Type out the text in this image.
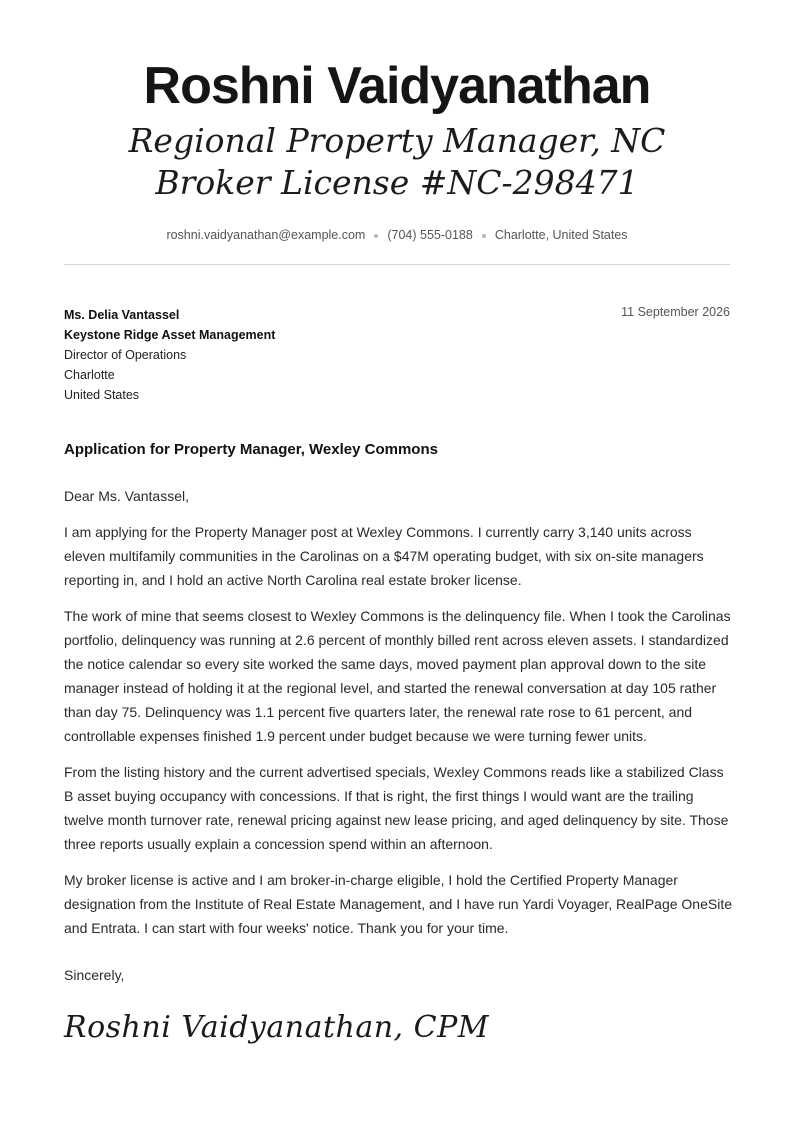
Roshni Vaidyanathan
Regional Property Manager, NC Broker License #NC-298471
roshni.vaidyanathan@example.com (704) 555-0188 Charlotte, United States
Ms. Delia Vantassel
Keystone Ridge Asset Management
Director of Operations
Charlotte
United States
11 September 2026
Application for Property Manager, Wexley Commons

Dear Ms. Vantassel,

I am applying for the Property Manager post at Wexley Commons. I currently carry 3,140 units across eleven multifamily communities in the Carolinas on a $47M operating budget, with six on-site managers reporting in, and I hold an active North Carolina real estate broker license.

The work of mine that seems closest to Wexley Commons is the delinquency file. When I took the Carolinas portfolio, delinquency was running at 2.6 percent of monthly billed rent across eleven assets. I standardized the notice calendar so every site worked the same days, moved payment plan approval down to the site manager instead of holding it at the regional level, and started the renewal conversation at day 105 rather than day 75. Delinquency was 1.1 percent five quarters later, the renewal rate rose to 61 percent, and controllable expenses finished 1.9 percent under budget because we were turning fewer units.

From the listing history and the current advertised specials, Wexley Commons reads like a stabilized Class B asset buying occupancy with concessions. If that is right, the first things I would want are the trailing twelve month turnover rate, renewal pricing against new lease pricing, and aged delinquency by site. Those three reports usually explain a concession spend within an afternoon.

My broker license is active and I am broker-in-charge eligible, I hold the Certified Property Manager designation from the Institute of Real Estate Management, and I have run Yardi Voyager, RealPage OneSite and Entrata. I can start with four weeks' notice. Thank you for your time.

Sincerely,
Roshni Vaidyanathan, CPM
